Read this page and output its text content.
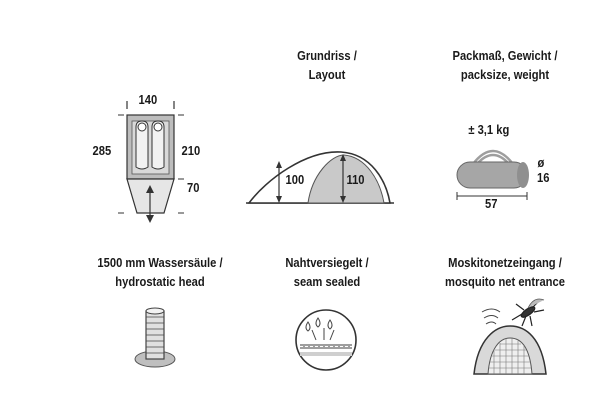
140
285	210
70
Grundriss /
Layout
100	110
Packmaß, Gewicht /
packsize, weight
± 3,1 kg
ø
16
57
1500 mm Wassersäule /
hydrostatic head
Nahtversiegelt /
seam sealed
Moskitonetzeingang /
mosquito net entrance
